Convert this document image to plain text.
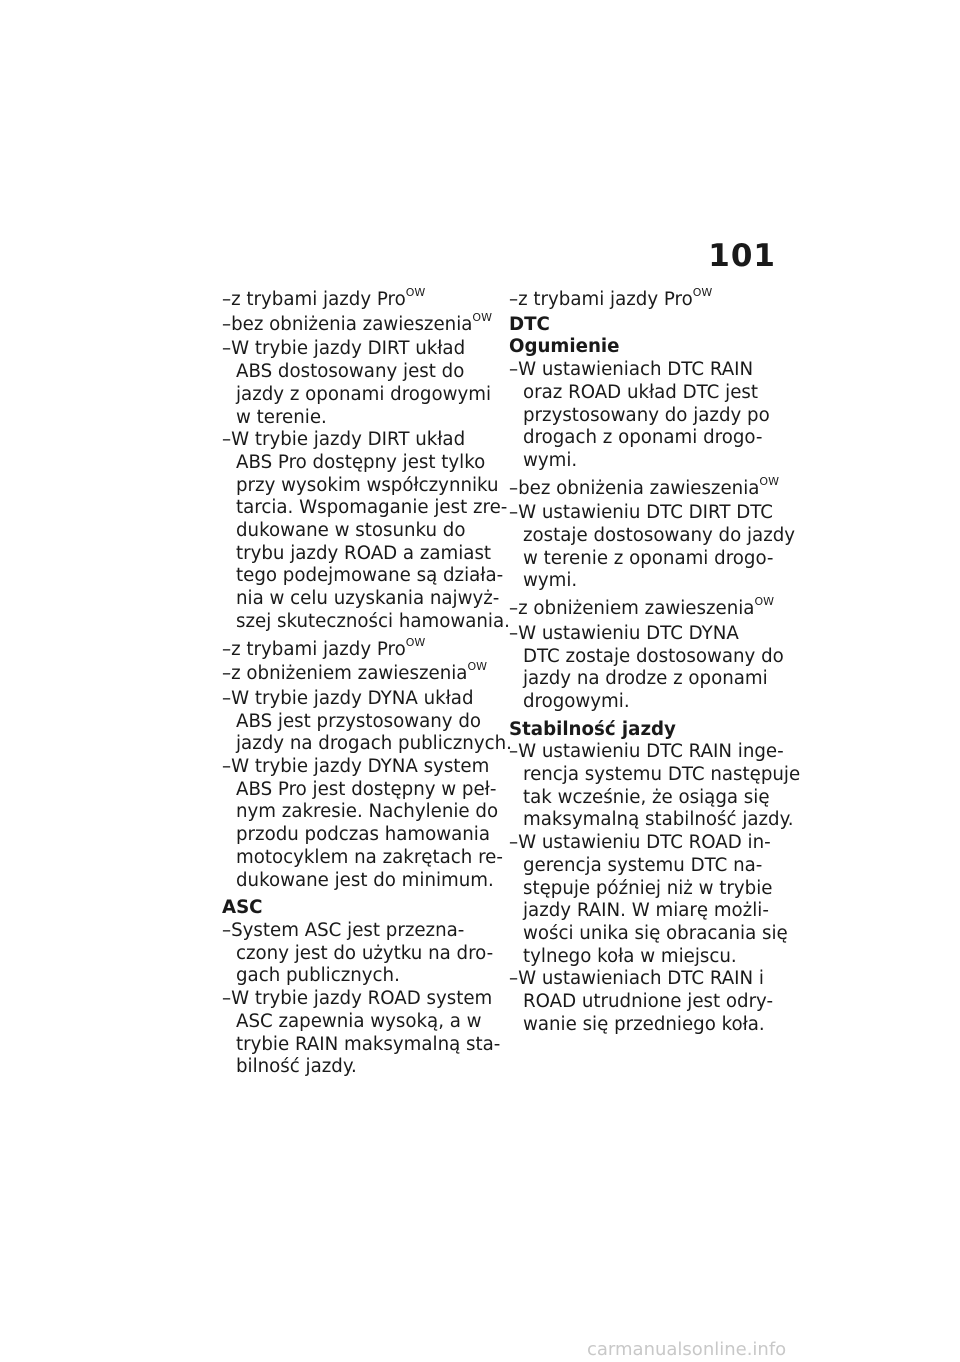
101
–z trybami jazdy Pro$^{OW}$
–bez obniżenia zawieszenia$^{OW}$
–W trybie jazdy DIRT układ
ABS dostosowany jest do
jazdy z oponami drogowymi
w terenie.
–W trybie jazdy DIRT układ
ABS Pro dostępny jest tylko
przy wysokim współczynniku
tarcia. Wspomaganie jest zre-
dukowane w stosunku do
trybu jazdy ROAD a zamiast
tego podejmowane są działa-
nia w celu uzyskania najwyż-
szej skuteczności hamowania.
–z trybami jazdy Pro$^{OW}$
–z obniżeniem zawieszenia$^{OW}$
–W trybie jazdy DYNA układ
ABS jest przystosowany do
jazdy na drogach publicznych.
–W trybie jazdy DYNA system
ABS Pro jest dostępny w peł-
nym zakresie. Nachylenie do
przodu podczas hamowania
motocyklem na zakrętach re-
dukowane jest do minimum.
ASC
–System ASC jest przezna-
czony jest do użytku na dro-
gach publicznych.
–W trybie jazdy ROAD system
ASC zapewnia wysoką, a w
trybie RAIN maksymalną sta-
bilność jazdy.
–z trybami jazdy Pro$^{OW}$
DTC
Ogumienie
–W ustawieniach DTC RAIN
oraz ROAD układ DTC jest
przystosowany do jazdy po
drogach z oponami drogo-
wymi.
–bez obniżenia zawieszenia$^{OW}$
–W ustawieniu DTC DIRT DTC
zostaje dostosowany do jazdy
w terenie z oponami drogo-
wymi.
–z obniżeniem zawieszenia$^{OW}$
–W ustawieniu DTC DYNA
DTC zostaje dostosowany do
jazdy na drodze z oponami
drogowymi.
Stabilność jazdy
–W ustawieniu DTC RAIN inge-
rencja systemu DTC następuje
tak wcześnie, że osiąga się
maksymalną stabilność jazdy.
–W ustawieniu DTC ROAD in-
gerencja systemu DTC na-
stępuje później niż w trybie
jazdy RAIN. W miarę możli-
wości unika się obracania się
tylnego koła w miejscu.
–W ustawieniach DTC RAIN i
ROAD utrudnione jest odry-
wanie się przedniego koła.
carmanualsonline.info
